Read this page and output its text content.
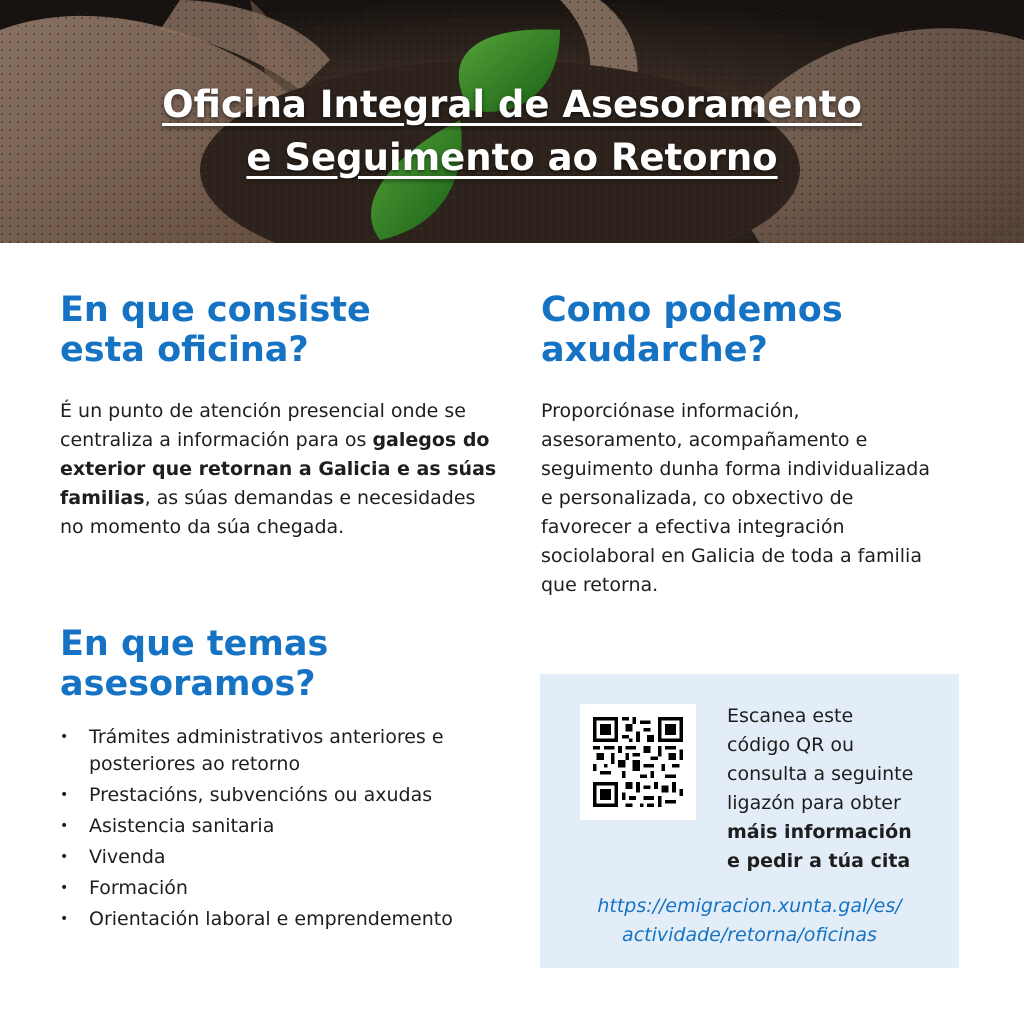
Oficina Integral de Asesoramento
e Seguimento ao Retorno
En que consiste
esta oficina?
É un punto de atención presencial onde se centraliza a información para os galegos do exterior que retornan a Galicia e as súas familias, as súas demandas e necesidades no momento da súa chegada.
Como podemos
axudarche?
Proporciónase información, asesoramento, acompañamento e seguimento dunha forma individualizada e personalizada, co obxectivo de favorecer a efectiva integración sociolaboral en Galicia de toda a familia que retorna.
En que temas
asesoramos?
• Trámites administrativos anteriores e posteriores ao retorno
• Prestacións, subvencións ou axudas
• Asistencia sanitaria
• Vivenda
• Formación
• Orientación laboral e emprendemento
Escanea este
código QR ou
consulta a seguinte
ligazón para obter
máis información
e pedir a túa cita
https://emigracion.xunta.gal/es/
actividade/retorna/oficinas
